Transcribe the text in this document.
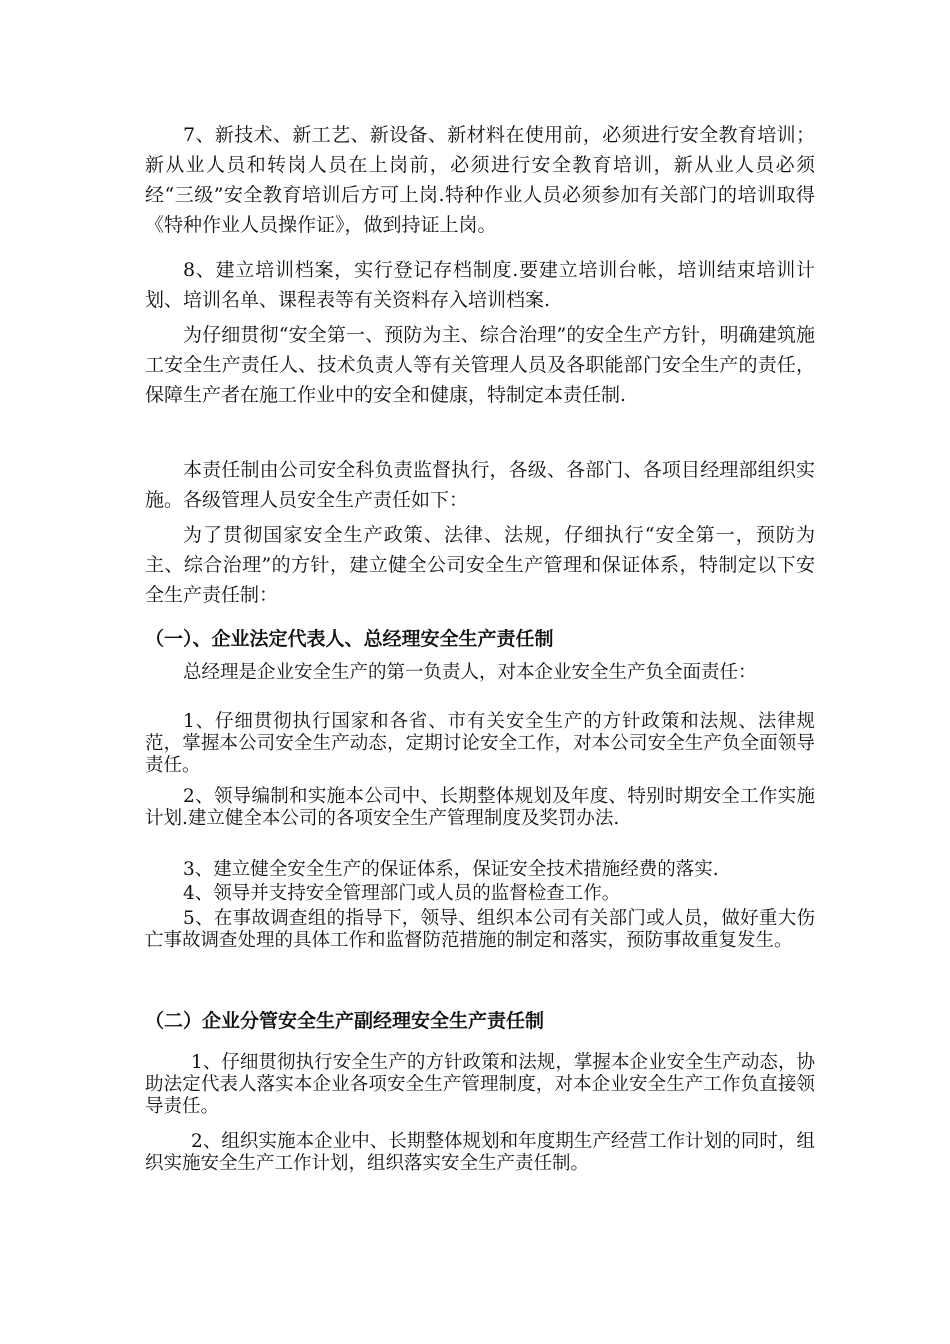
7、新技术、新工艺、新设备、新材料在使用前，必须进行安全教育培训；新从业人员和转岗人员在上岗前，必须进行安全教育培训，新从业人员必须经“三级”安全教育培训后方可上岗.特种作业人员必须参加有关部门的培训取得《特种作业人员操作证》，做到持证上岗。

8、建立培训档案，实行登记存档制度.要建立培训台帐，培训结束培训计划、培训名单、课程表等有关资料存入培训档案.

为仔细贯彻“安全第一、预防为主、综合治理”的安全生产方针，明确建筑施工安全生产责任人、技术负责人等有关管理人员及各职能部门安全生产的责任，保障生产者在施工作业中的安全和健康，特制定本责任制.

本责任制由公司安全科负责监督执行，各级、各部门、各项目经理部组织实施。各级管理人员安全生产责任如下：

为了贯彻国家安全生产政策、法律、法规，仔细执行“安全第一，预防为主、综合治理”的方针，建立健全公司安全生产管理和保证体系，特制定以下安全生产责任制：

（一）、企业法定代表人、总经理安全生产责任制

总经理是企业安全生产的第一负责人，对本企业安全生产负全面责任：

1、仔细贯彻执行国家和各省、市有关安全生产的方针政策和法规、法律规范，掌握本公司安全生产动态，定期讨论安全工作，对本公司安全生产负全面领导责任。

2、领导编制和实施本公司中、长期整体规划及年度、特别时期安全工作实施计划.建立健全本公司的各项安全生产管理制度及奖罚办法.

3、建立健全安全生产的保证体系，保证安全技术措施经费的落实.

4、领导并支持安全管理部门或人员的监督检查工作。

5、在事故调查组的指导下，领导、组织本公司有关部门或人员，做好重大伤亡事故调查处理的具体工作和监督防范措施的制定和落实，预防事故重复发生。

（二）企业分管安全生产副经理安全生产责任制

1、仔细贯彻执行安全生产的方针政策和法规，掌握本企业安全生产动态，协助法定代表人落实本企业各项安全生产管理制度，对本企业安全生产工作负直接领导责任。

2、组织实施本企业中、长期整体规划和年度期生产经营工作计划的同时，组织实施安全生产工作计划，组织落实安全生产责任制。
